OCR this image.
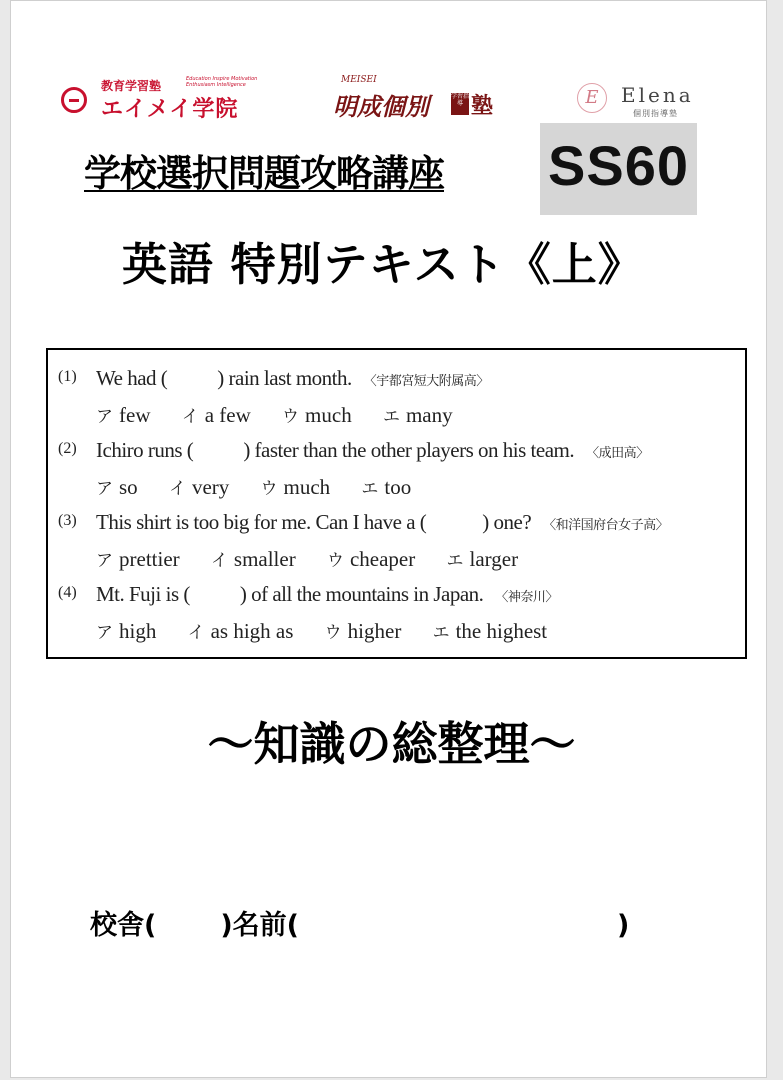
教育学習塾	Education Inspire Motivation Enthusiasm Intelligence
エイメイ学院
MEISEI
明成個別	学習指導 塾	E	Elena
個別指導塾
学校選択問題攻略講座 SS60
英語 特別テキスト《上》
(1) We had ( ) rain last month. 〈宇都宮短大附属高〉
ア few イ a few ウ much エ many
(2) Ichiro runs ( ) faster than the other players on his team. 〈成田高〉
ア so イ very ウ much エ too
(3) This shirt is too big for me. Can I have a (	) one? 〈和洋国府台女子高〉
ア prettier イ smaller ウ cheaper エ larger
(4) Mt. Fuji is ( ) of all the mountains in Japan. 〈神奈川〉
ア high イ as high as ウ higher エ the highest
〜知識の総整理〜
校舎( )名前(	)
